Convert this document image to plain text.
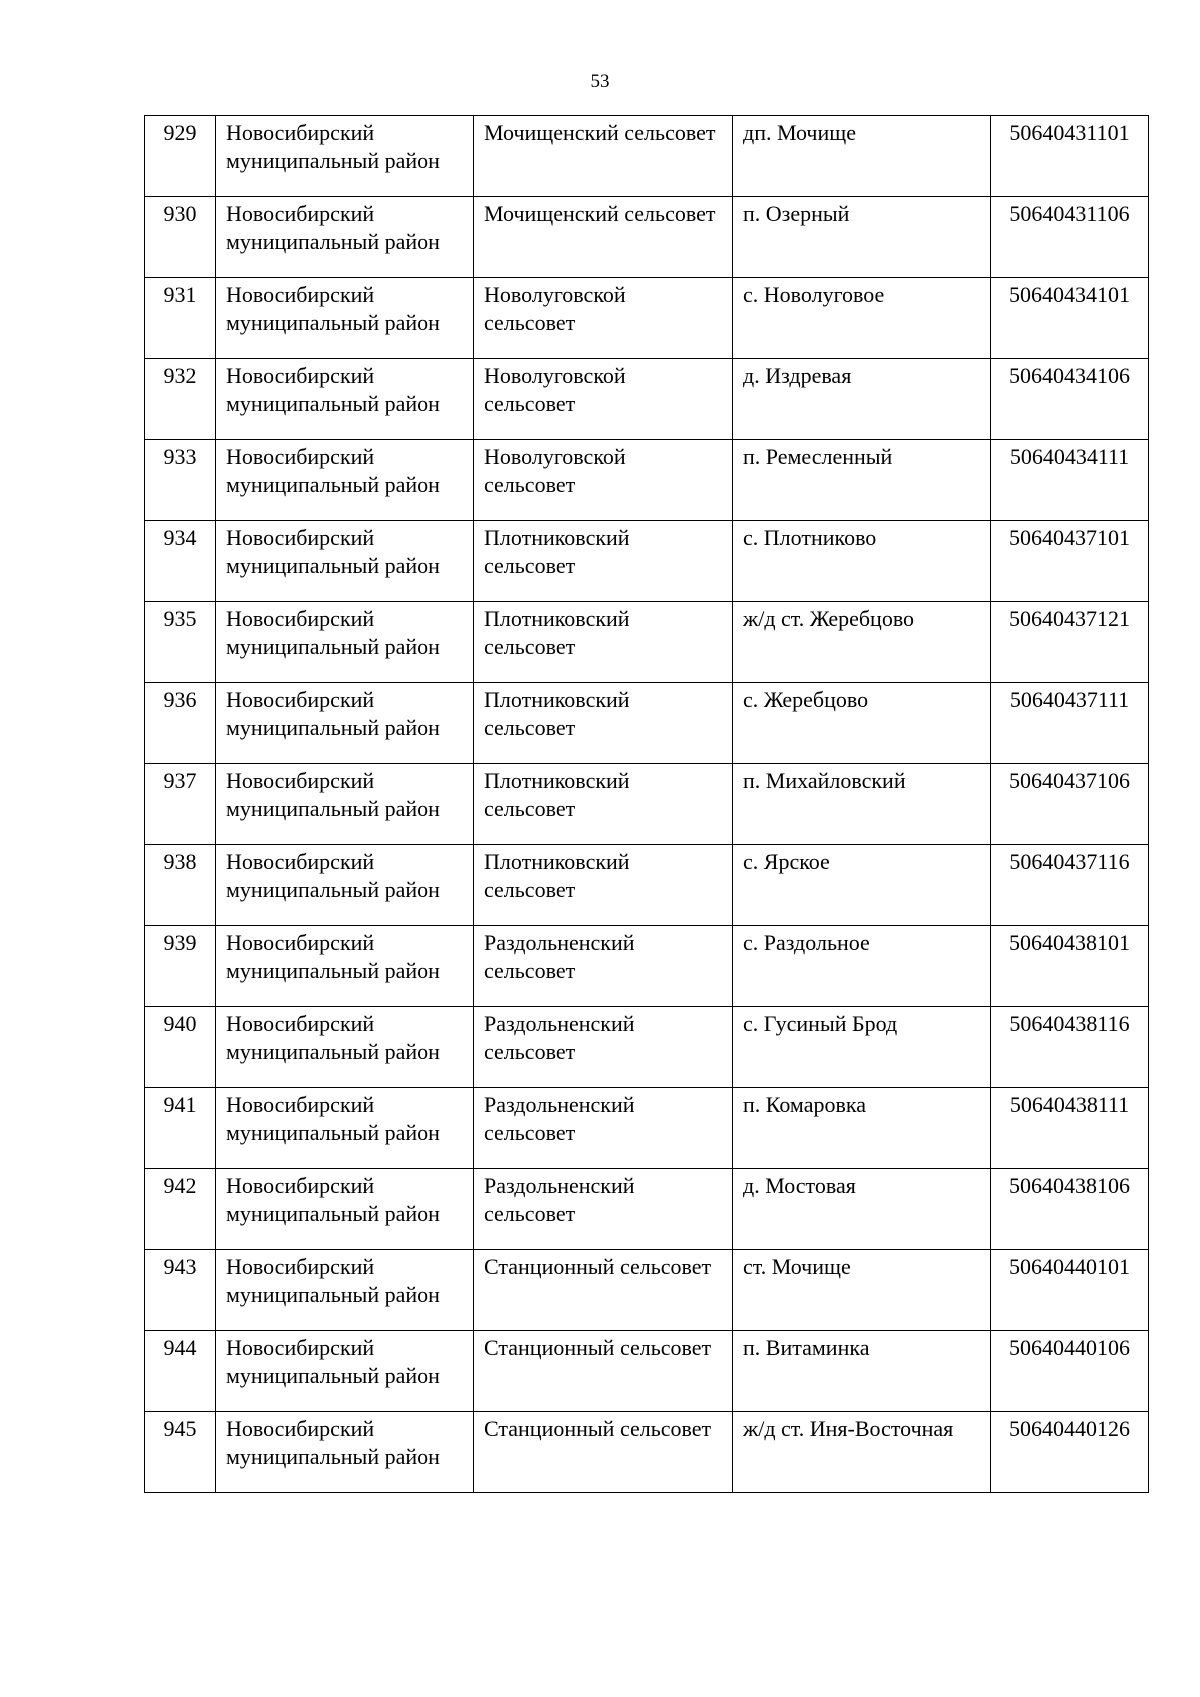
53
929	Новосибирский муниципальный район	Мочищенский сельсовет	дп. Мочище	50640431101
930	Новосибирский муниципальный район	Мочищенский сельсовет	п. Озерный	50640431106
931	Новосибирский муниципальный район	Новолуговской сельсовет	с. Новолуговое	50640434101
932	Новосибирский муниципальный район	Новолуговской сельсовет	д. Издревая	50640434106
933	Новосибирский муниципальный район	Новолуговской сельсовет	п. Ремесленный	50640434111
934	Новосибирский муниципальный район	Плотниковский сельсовет	с. Плотниково	50640437101
935	Новосибирский муниципальный район	Плотниковский сельсовет	ж/д ст. Жеребцово	50640437121
936	Новосибирский муниципальный район	Плотниковский сельсовет	с. Жеребцово	50640437111
937	Новосибирский муниципальный район	Плотниковский сельсовет	п. Михайловский	50640437106
938	Новосибирский муниципальный район	Плотниковский сельсовет	с. Ярское	50640437116
939	Новосибирский муниципальный район	Раздольненский сельсовет	с. Раздольное	50640438101
940	Новосибирский муниципальный район	Раздольненский сельсовет	с. Гусиный Брод	50640438116
941	Новосибирский муниципальный район	Раздольненский сельсовет	п. Комаровка	50640438111
942	Новосибирский муниципальный район	Раздольненский сельсовет	д. Мостовая	50640438106
943	Новосибирский муниципальный район	Станционный сельсовет	ст. Мочище	50640440101
944	Новосибирский муниципальный район	Станционный сельсовет	п. Витаминка	50640440106
945	Новосибирский муниципальный район	Станционный сельсовет	ж/д ст. Иня-Восточная	50640440126
